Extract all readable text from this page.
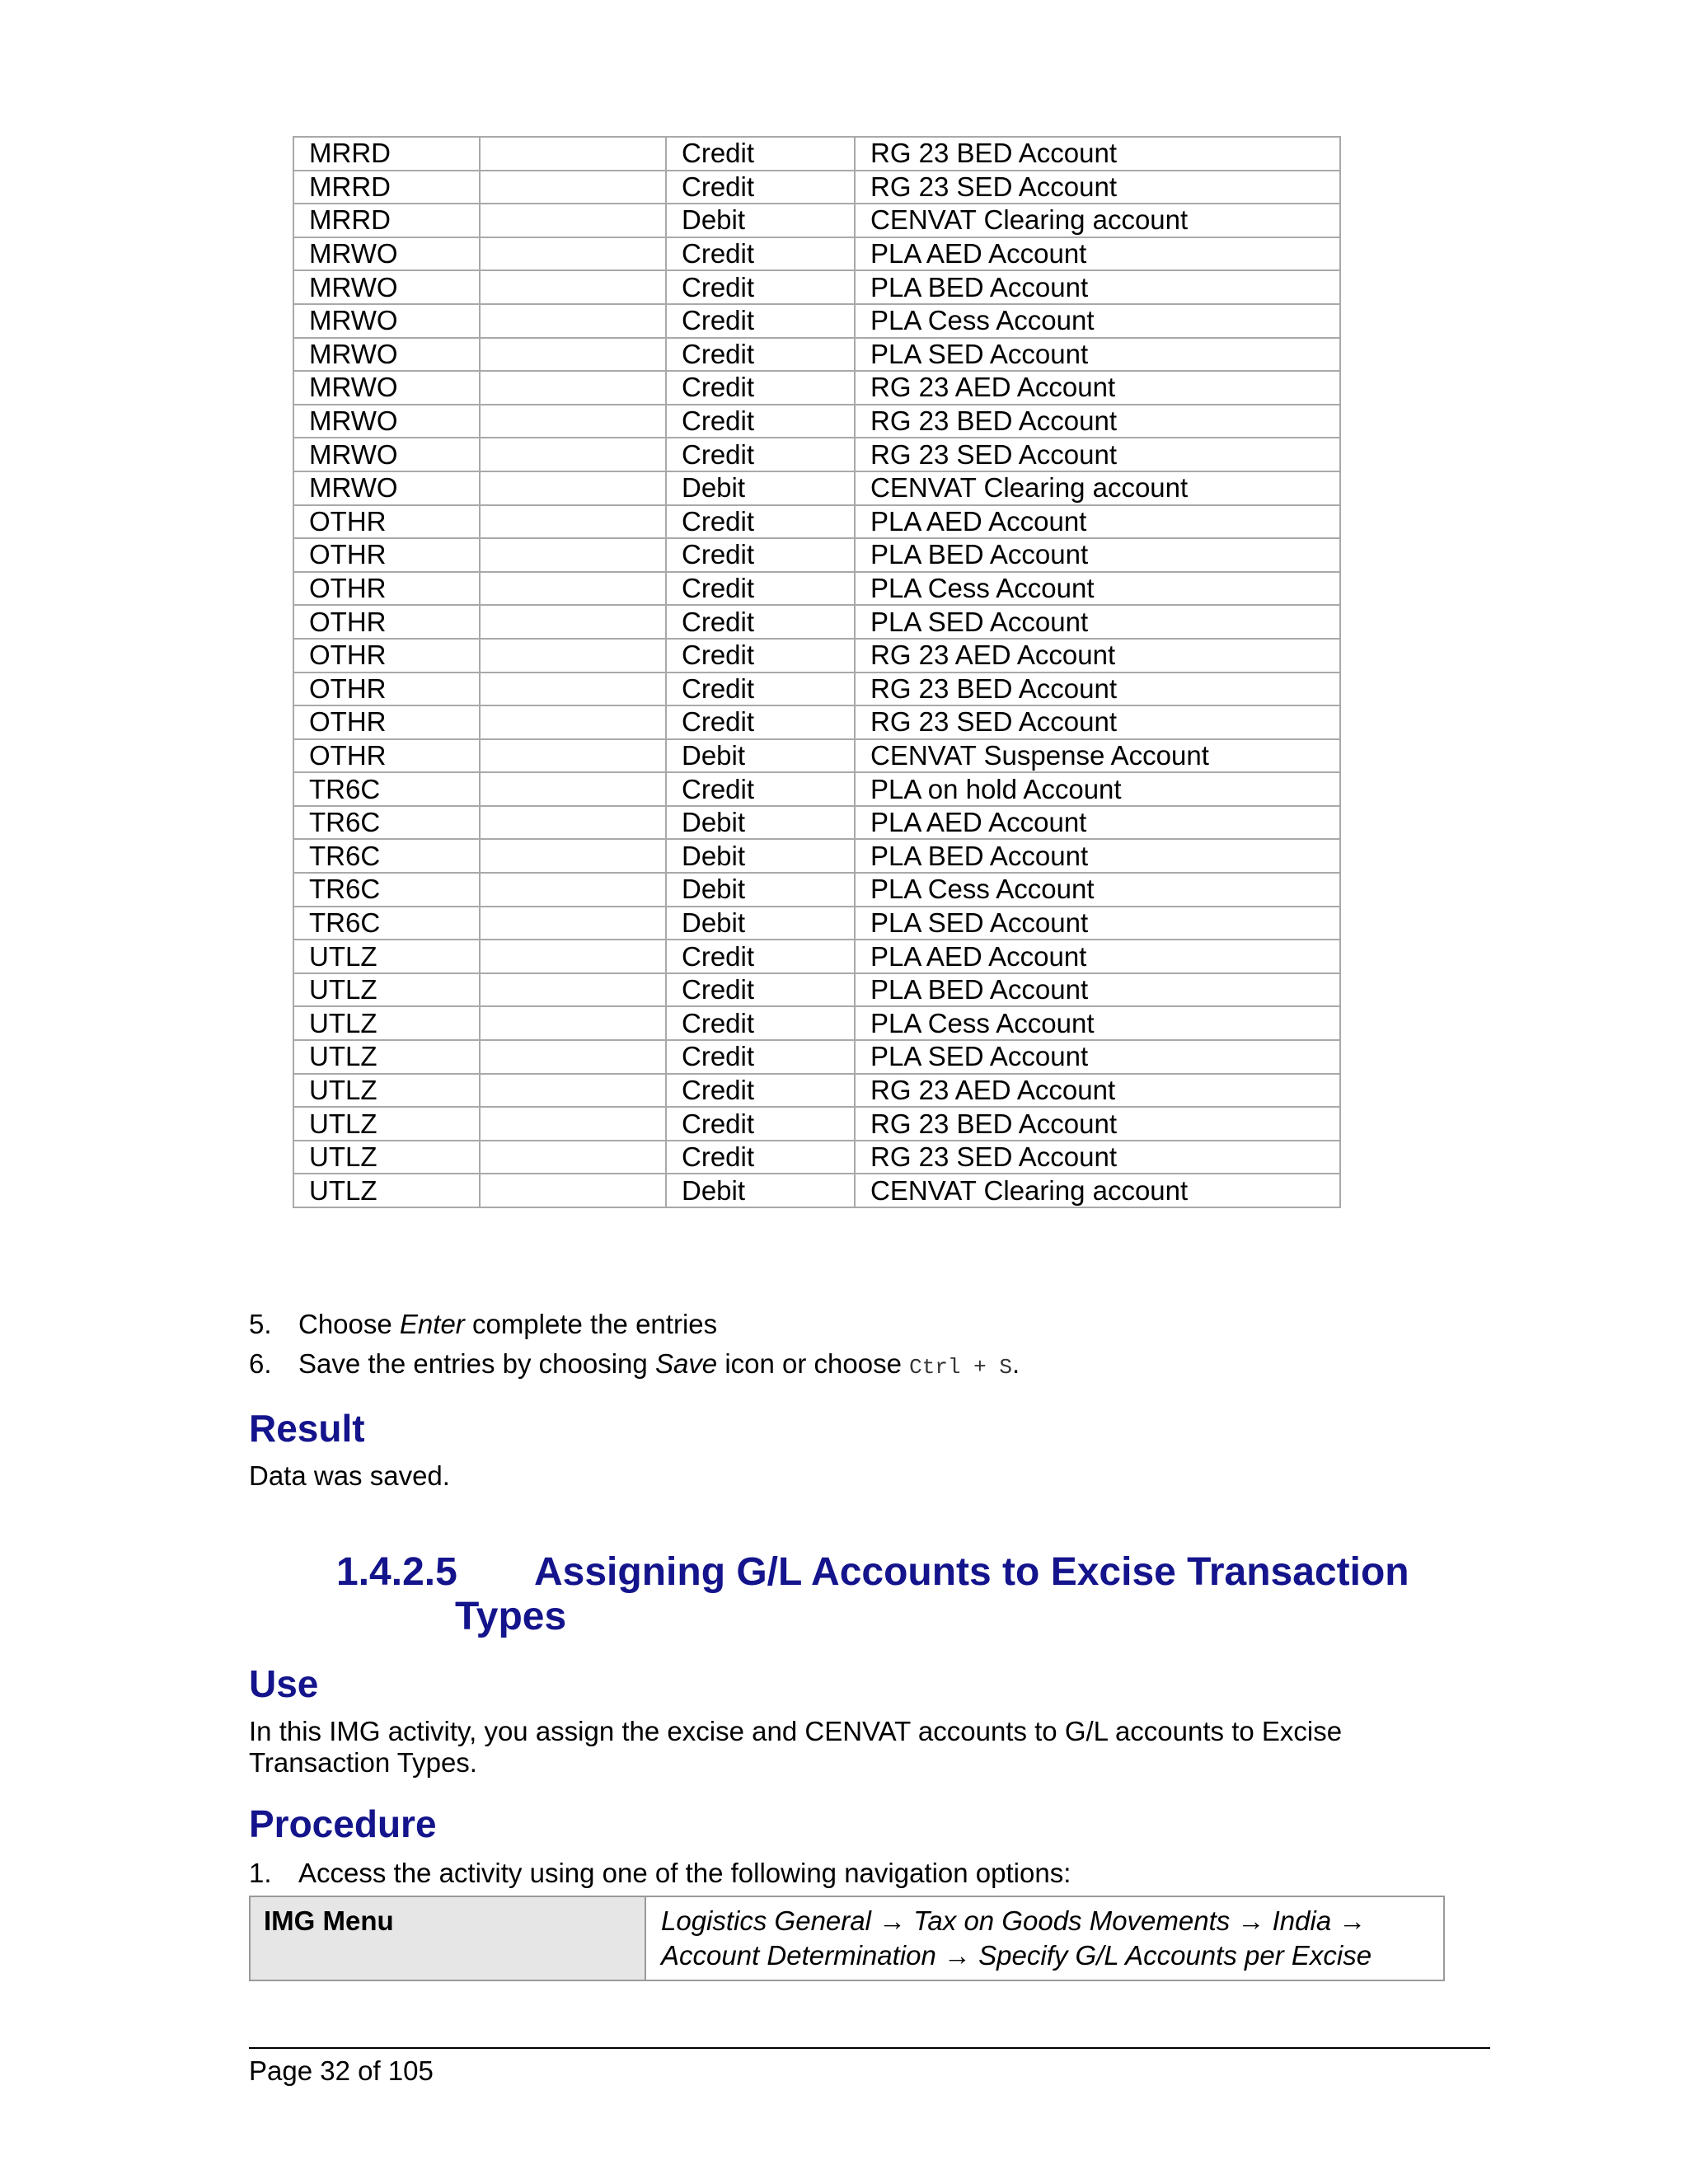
MRRD		Credit	RG 23 BED Account
MRRD		Credit	RG 23 SED Account
MRRD		Debit	CENVAT Clearing account
MRWO		Credit	PLA AED Account
MRWO		Credit	PLA BED Account
MRWO		Credit	PLA Cess Account
MRWO		Credit	PLA SED Account
MRWO		Credit	RG 23 AED Account
MRWO		Credit	RG 23 BED Account
MRWO		Credit	RG 23 SED Account
MRWO		Debit	CENVAT Clearing account
OTHR		Credit	PLA AED Account
OTHR		Credit	PLA BED Account
OTHR		Credit	PLA Cess Account
OTHR		Credit	PLA SED Account
OTHR		Credit	RG 23 AED Account
OTHR		Credit	RG 23 BED Account
OTHR		Credit	RG 23 SED Account
OTHR		Debit	CENVAT Suspense Account
TR6C		Credit	PLA on hold Account
TR6C		Debit	PLA AED Account
TR6C		Debit	PLA BED Account
TR6C		Debit	PLA Cess Account
TR6C		Debit	PLA SED Account
UTLZ		Credit	PLA AED Account
UTLZ		Credit	PLA BED Account
UTLZ		Credit	PLA Cess Account
UTLZ		Credit	PLA SED Account
UTLZ		Credit	RG 23 AED Account
UTLZ		Credit	RG 23 BED Account
UTLZ		Credit	RG 23 SED Account
UTLZ		Debit	CENVAT Clearing account
5. Choose Enter complete the entries
6. Save the entries by choosing Save icon or choose Ctrl + S.
Result
Data was saved.
1.4.2.5 Assigning G/L Accounts to Excise Transaction
Types
Use
In this IMG activity, you assign the excise and CENVAT accounts to G/L accounts to Excise Transaction Types.
Procedure
1. Access the activity using one of the following navigation options:
IMG Menu	Logistics General → Tax on Goods Movements → India →
Account Determination → Specify G/L Accounts per Excise
Page 32 of 105
